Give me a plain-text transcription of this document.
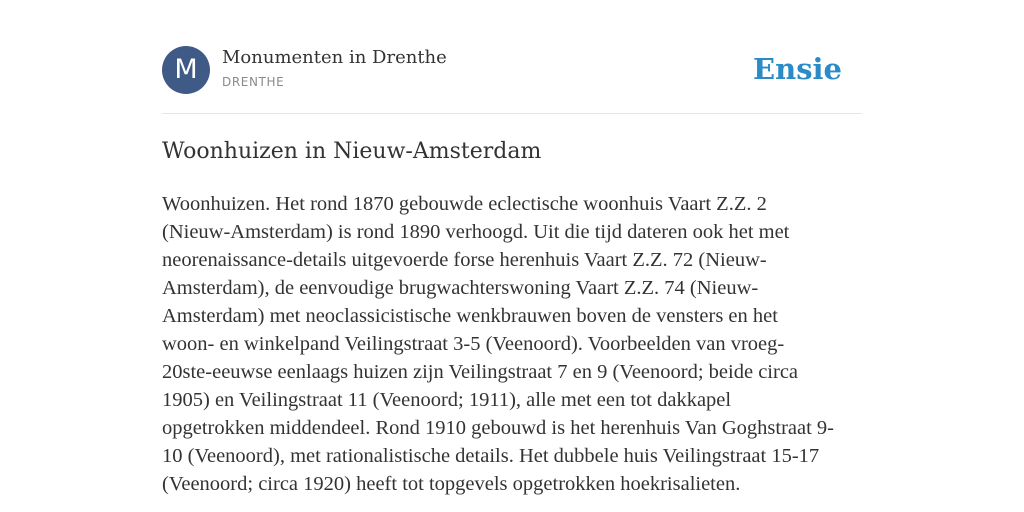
M	Monumenten in Drenthe
DRENTHE	Ensie
Woonhuizen in Nieuw-Amsterdam

Woonhuizen. Het rond 1870 gebouwde eclectische woonhuis Vaart Z.Z. 2
(Nieuw-Amsterdam) is rond 1890 verhoogd. Uit die tijd dateren ook het met
neorenaissance-details uitgevoerde forse herenhuis Vaart Z.Z. 72 (Nieuw-
Amsterdam), de eenvoudige brugwachterswoning Vaart Z.Z. 74 (Nieuw-
Amsterdam) met neoclassicistische wenkbrauwen boven de vensters en het
woon- en winkelpand Veilingstraat 3-5 (Veenoord). Voorbeelden van vroeg-
20ste-eeuwse eenlaags huizen zijn Veilingstraat 7 en 9 (Veenoord; beide circa
1905) en Veilingstraat 11 (Veenoord; 1911), alle met een tot dakkapel
opgetrokken middendeel. Rond 1910 gebouwd is het herenhuis Van Goghstraat 9-
10 (Veenoord), met rationalistische details. Het dubbele huis Veilingstraat 15-17
(Veenoord; circa 1920) heeft tot topgevels opgetrokken hoekrisalieten.
